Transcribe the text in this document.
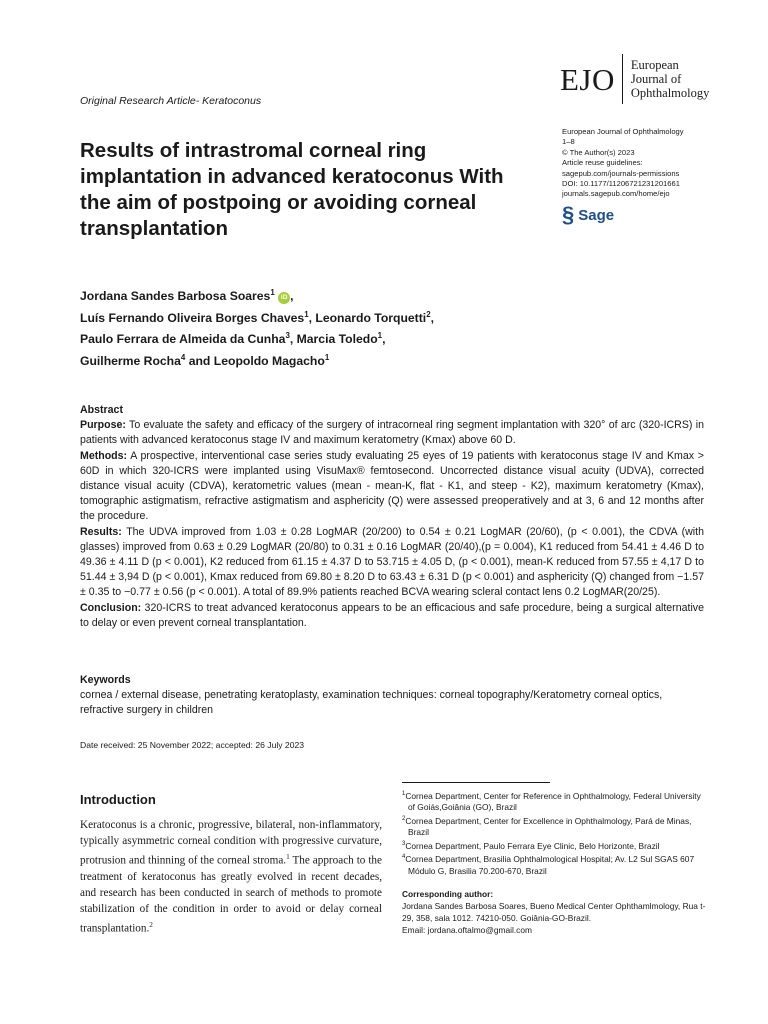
Original Research Article- Keratoconus
EJO European
Journal of
Ophthalmology
European Journal of Ophthalmology
1–8
© The Author(s) 2023
Article reuse guidelines:
sagepub.com/journals-permissions
DOI: 10.1177/11206721231201661
journals.sagepub.com/home/ejo
§ Sage
Results of intrastromal corneal ring implantation in advanced keratoconus With the aim of postpoing or avoiding corneal transplantation
Jordana Sandes Barbosa Soares$^1$ iD ,
Luís Fernando Oliveira Borges Chaves$^1$, Leonardo Torquetti$^2$,
Paulo Ferrara de Almeida da Cunha$^3$, Marcia Toledo$^1$,
Guilherme Rocha$^4$ and Leopoldo Magacho$^1$

Abstract

Purpose: To evaluate the safety and efficacy of the surgery of intracorneal ring segment implantation with 320° of arc (320-ICRS) in patients with advanced keratoconus stage IV and maximum keratometry (Kmax) above 60 D.

Methods: A prospective, interventional case series study evaluating 25 eyes of 19 patients with keratoconus stage IV and Kmax > 60D in which 320-ICRS were implanted using VisuMax® femtosecond. Uncorrected distance visual acuity (UDVA), corrected distance visual acuity (CDVA), keratometric values (mean - mean-K, flat - K1, and steep - K2), maximum keratometry (Kmax), tomographic astigmatism, refractive astigmatism and asphericity (Q) were assessed preoperatively and at 3, 6 and 12 months after the procedure.

Results: The UDVA improved from 1.03 ± 0.28 LogMAR (20/200) to 0.54 ± 0.21 LogMAR (20/60), (p < 0.001), the CDVA (with glasses) improved from 0.63 ± 0.29 LogMAR (20/80) to 0.31 ± 0.16 LogMAR (20/40),(p = 0.004), K1 reduced from 54.41 ± 4.46 D to 49.36 ± 4.11 D (p < 0.001), K2 reduced from 61.15 ± 4.37 D to 53.715 ± 4.05 D, (p < 0.001), mean-K reduced from 57.55 ± 4,17 D to 51.44 ± 3,94 D (p < 0.001), Kmax reduced from 69.80 ± 8.20 D to 63.43 ± 6.31 D (p < 0.001) and asphericity (Q) changed from −1.57 ± 0.35 to −0.77 ± 0.56 (p < 0.001). A total of 89.9% patients reached BCVA wearing scleral contact lens 0.2 LogMAR(20/25).

Conclusion: 320-ICRS to treat advanced keratoconus appears to be an efficacious and safe procedure, being a surgical alternative to delay or even prevent corneal transplantation.

Keywords
cornea / external disease, penetrating keratoplasty, examination techniques: corneal topography/Keratometry corneal optics, refractive surgery in children
Date received: 25 November 2022; accepted: 26 July 2023
Introduction
Keratoconus is a chronic, progressive, bilateral, non-inflammatory, typically asymmetric corneal condition with progressive curvature, protrusion and thinning of the corneal stroma.$^1$ The approach to the treatment of keratoconus has greatly evolved in recent decades, and research has been conducted in search of methods to promote stabilization of the condition in order to avoid or delay corneal transplantation.$^2$

$^1$Cornea Department, Center for Reference in Ophthalmology, Federal University of Goiás,Goiânia (GO), Brazil

$^2$Cornea Department, Center for Excellence in Ophthalmology, Pará de Minas, Brazil

$^3$Cornea Department, Paulo Ferrara Eye Clinic, Belo Horizonte, Brazil

$^4$Cornea Department, Brasilia Ophthalmological Hospital; Av. L2 Sul SGAS 607 Módulo G, Brasilia 70.200-670, Brazil

Corresponding author:
Jordana Sandes Barbosa Soares, Bueno Medical Center Ophthamlmology, Rua t-29, 358, sala 1012. 74210-050. Goiânia-GO-Brazil.
Email: jordana.oftalmo@gmail.com
